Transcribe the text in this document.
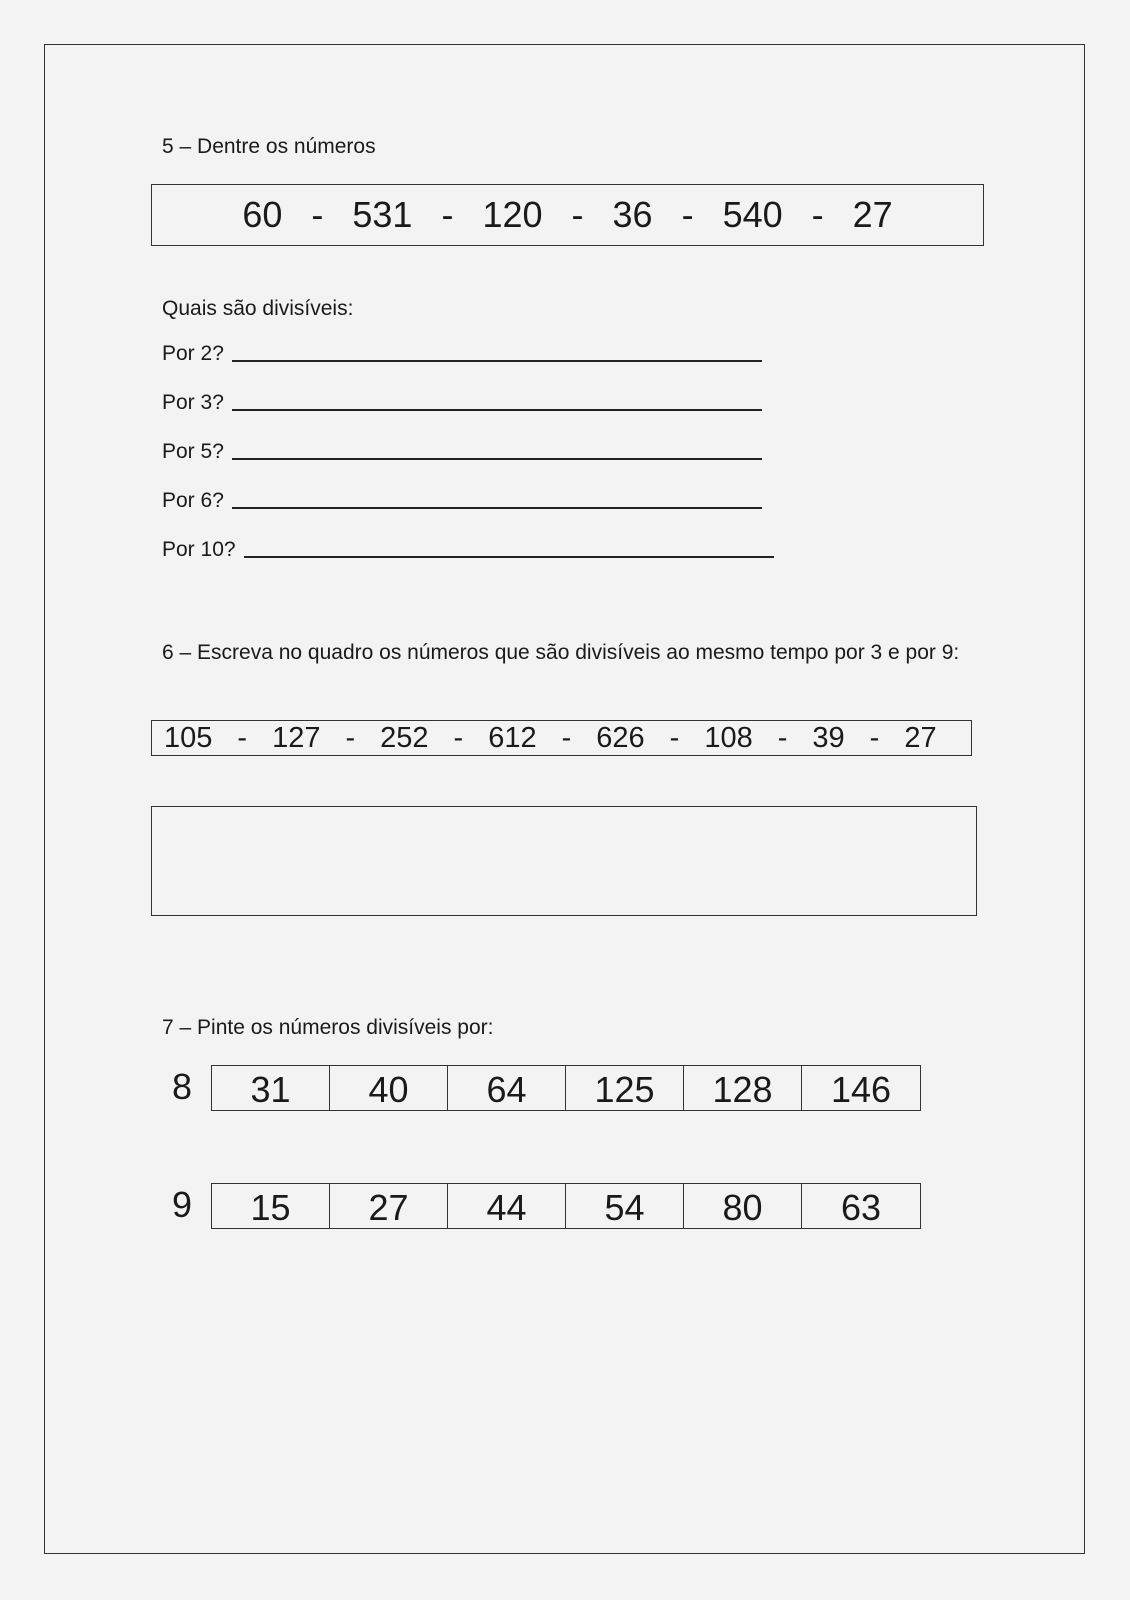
5 – Dentre os números
60 - 531 - 120 - 36 - 540 - 27
Quais são divisíveis:
Por 2?
Por 3?
Por 5?
Por 6?
Por 10?
6 – Escreva no quadro os números que são divisíveis ao mesmo tempo por 3 e por 9:
105 - 127 - 252 - 612 - 626 - 108 - 39 - 27
7 – Pinte os números divisíveis por:
8	31	40	64	125	128	146
9	15	27	44	54	80	63
